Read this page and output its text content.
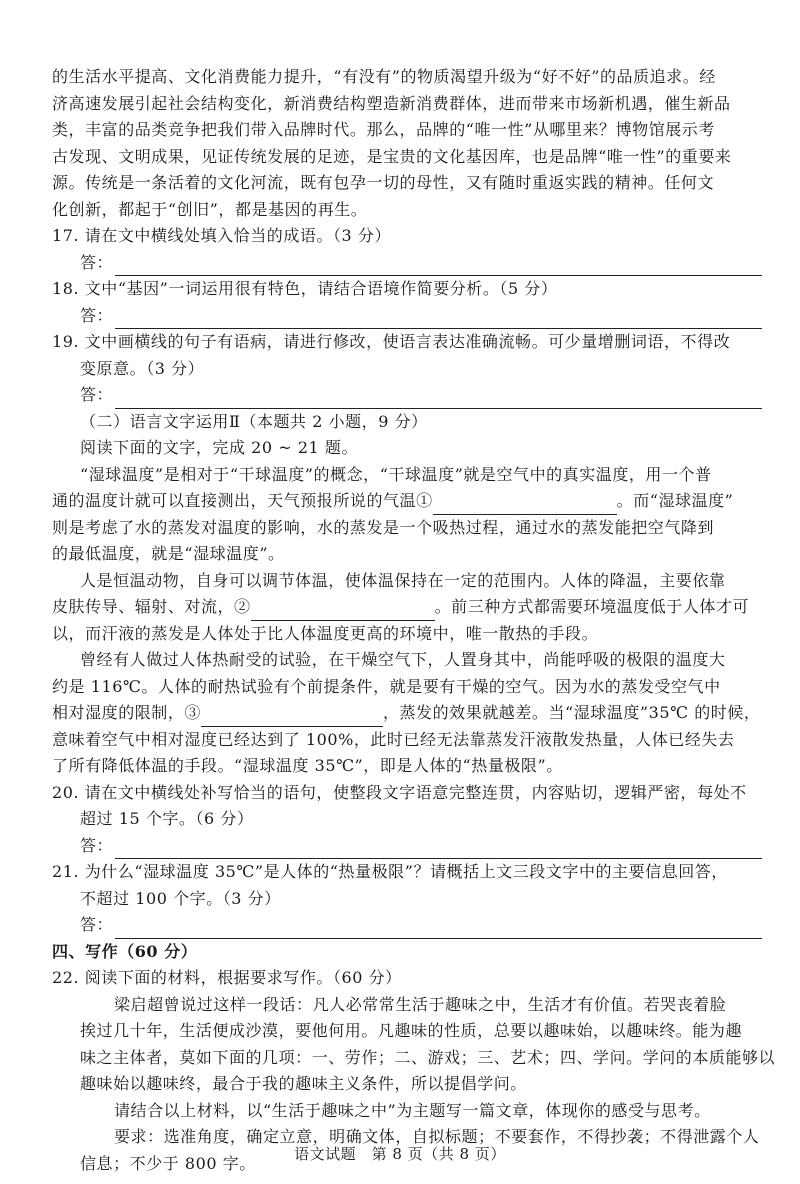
的生活水平提高、文化消费能力提升，“有没有”的物质渴望升级为“好不好”的品质追求。经
济高速发展引起社会结构变化，新消费结构塑造新消费群体，进而带来市场新机遇，催生新品
类，丰富的品类竞争把我们带入品牌时代。那么，品牌的“唯一性”从哪里来？博物馆展示考
古发现、文明成果，见证传统发展的足迹，是宝贵的文化基因库，也是品牌“唯一性”的重要来
源。传统是一条活着的文化河流，既有包孕一切的母性，又有随时重返实践的精神。任何文
化创新，都起于“创旧”，都是基因的再生。
17. 请在文中横线处填入恰当的成语。（3 分）
答：
18. 文中“基因”一词运用很有特色，请结合语境作简要分析。（5 分）
答：
19. 文中画横线的句子有语病，请进行修改，使语言表达准确流畅。可少量增删词语，不得改
变原意。（3 分）
答：
（二）语言文字运用Ⅱ（本题共 2 小题，9 分）
阅读下面的文字，完成 20 ~ 21 题。
“湿球温度”是相对于“干球温度”的概念，“干球温度”就是空气中的真实温度，用一个普
通的温度计就可以直接测出，天气预报所说的气温①	。而“湿球温度”
则是考虑了水的蒸发对温度的影响，水的蒸发是一个吸热过程，通过水的蒸发能把空气降到
的最低温度，就是“湿球温度”。
人是恒温动物，自身可以调节体温，使体温保持在一定的范围内。人体的降温，主要依靠
皮肤传导、辐射、对流，②	。前三种方式都需要环境温度低于人体才可
以，而汗液的蒸发是人体处于比人体温度更高的环境中，唯一散热的手段。
曾经有人做过人体热耐受的试验，在干燥空气下，人置身其中，尚能呼吸的极限的温度大
约是 116℃。人体的耐热试验有个前提条件，就是要有干燥的空气。因为水的蒸发受空气中
相对湿度的限制，③	，蒸发的效果就越差。当“湿球温度”35℃ 的时候，
意味着空气中相对湿度已经达到了 100%，此时已经无法靠蒸发汗液散发热量，人体已经失去
了所有降低体温的手段。“湿球温度 35℃”，即是人体的“热量极限”。
20. 请在文中横线处补写恰当的语句，使整段文字语意完整连贯，内容贴切，逻辑严密，每处不
超过 15 个字。（6 分）
答：
21. 为什么“湿球温度 35℃”是人体的“热量极限”？请概括上文三段文字中的主要信息回答，
不超过 100 个字。（3 分）
答：
四、写作（60 分）
22. 阅读下面的材料，根据要求写作。（60 分）
梁启超曾说过这样一段话：凡人必常常生活于趣味之中，生活才有价值。若哭丧着脸
挨过几十年，生活便成沙漠，要他何用。凡趣味的性质，总要以趣味始，以趣味终。能为趣
味之主体者，莫如下面的几项：一、劳作；二、游戏；三、艺术；四、学问。学问的本质能够以
趣味始以趣味终，最合于我的趣味主义条件，所以提倡学问。
请结合以上材料，以“生活于趣味之中”为主题写一篇文章，体现你的感受与思考。
要求：选准角度，确定立意，明确文体，自拟标题；不要套作，不得抄袭；不得泄露个人
信息；不少于 800 字。	语文试题　第 8 页（共 8 页）
